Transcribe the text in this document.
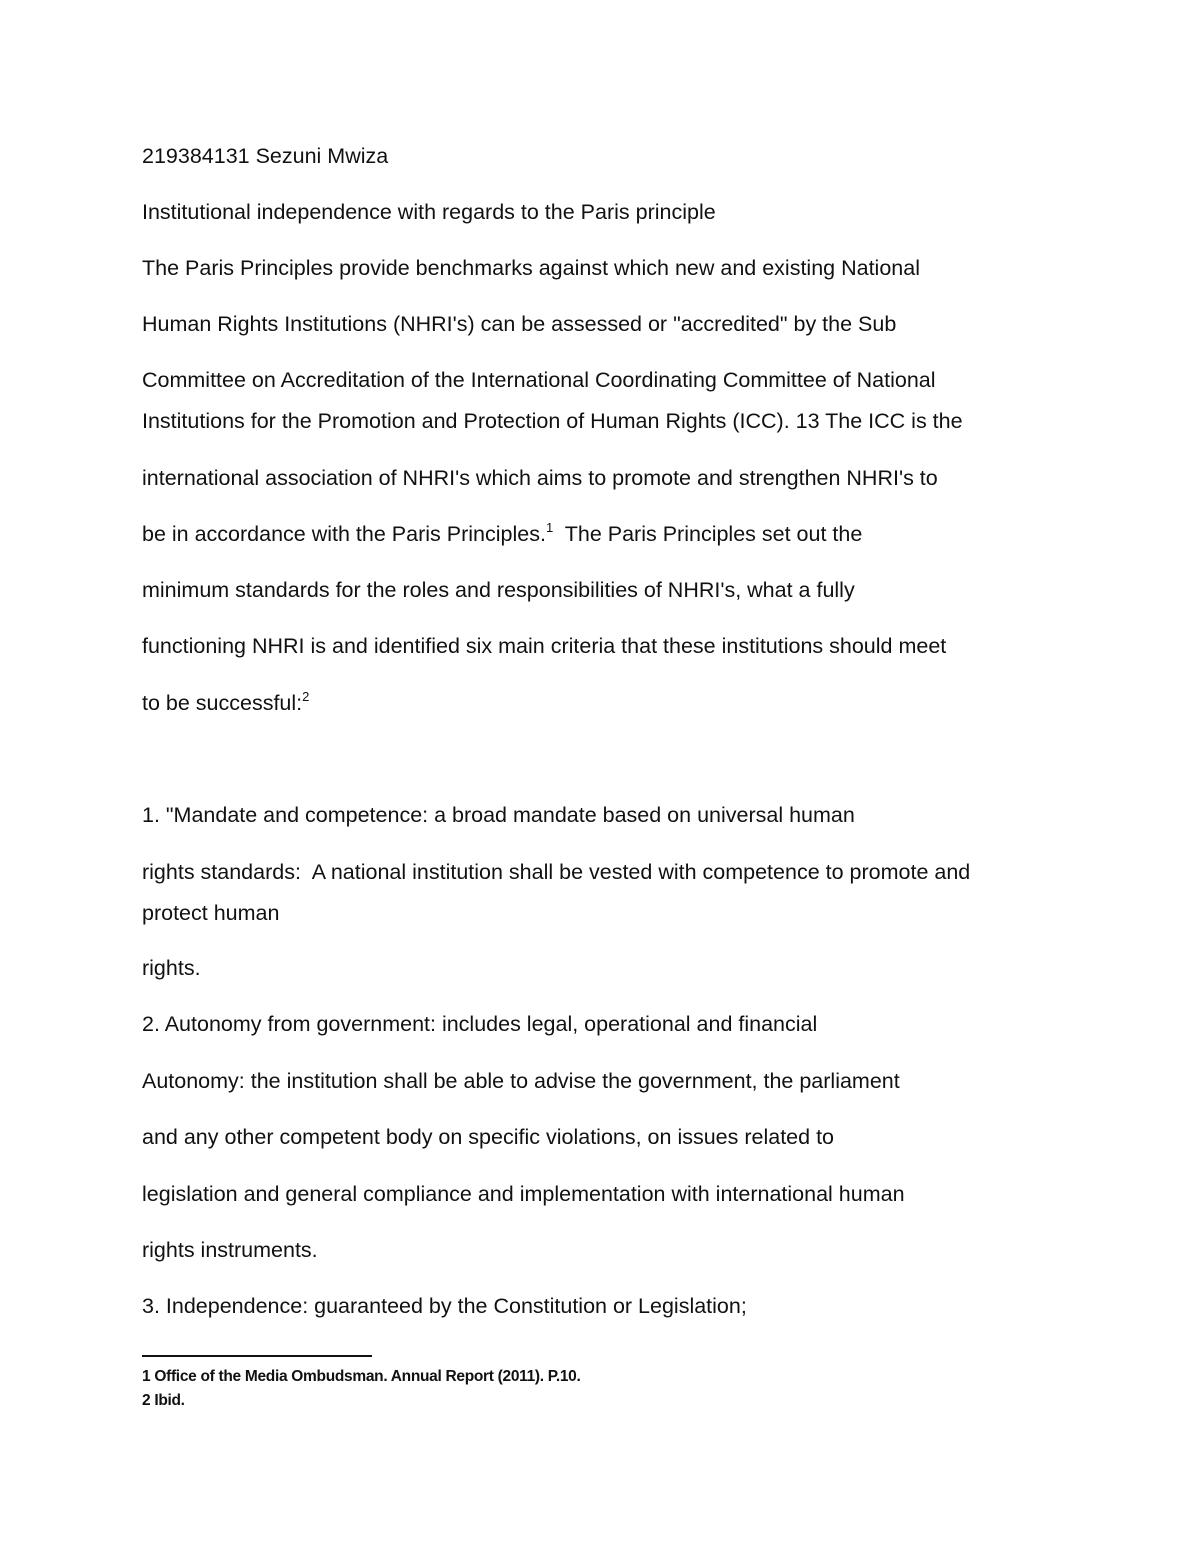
219384131 Sezuni Mwiza
Institutional independence with regards to the Paris principle
The Paris Principles provide benchmarks against which new and existing National
Human Rights Institutions (NHRI's) can be assessed or "accredited" by the Sub
Committee on Accreditation of the International Coordinating Committee of National
Institutions for the Promotion and Protection of Human Rights (ICC). 13 The ICC is the
international association of NHRI's which aims to promote and strengthen NHRI's to
be in accordance with the Paris Principles.$^1$  The Paris Principles set out the
minimum standards for the roles and responsibilities of NHRI's, what a fully
functioning NHRI is and identified six main criteria that these institutions should meet
to be successful:$^2$
1. "Mandate and competence: a broad mandate based on universal human
rights standards:  A national institution shall be vested with competence to promote and
protect human
rights.
2. Autonomy from government: includes legal, operational and financial
Autonomy: the institution shall be able to advise the government, the parliament
and any other competent body on specific violations, on issues related to
legislation and general compliance and implementation with international human
rights instruments.
3. Independence: guaranteed by the Constitution or Legislation;
1 Office of the Media Ombudsman. Annual Report (2011). P.10.
2 Ibid.
